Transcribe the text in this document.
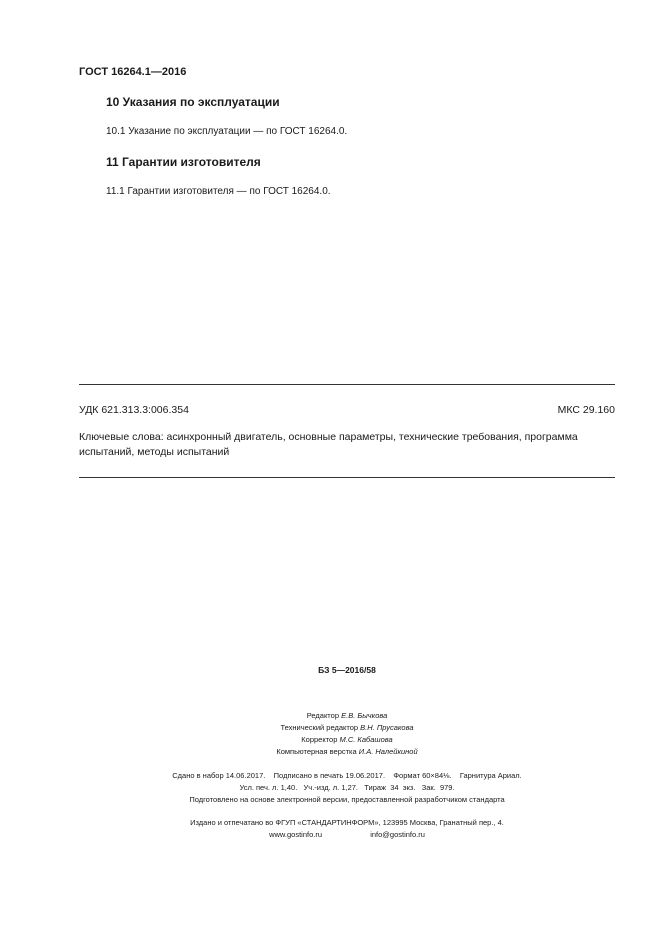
ГОСТ 16264.1—2016
10 Указания по эксплуатации
10.1 Указание по эксплуатации — по ГОСТ 16264.0.
11 Гарантии изготовителя
11.1 Гарантии изготовителя — по ГОСТ 16264.0.
УДК 621.313.3:006.354	МКС 29.160
Ключевые слова: асинхронный двигатель, основные параметры, технические требования, программа испытаний, методы испытаний
БЗ 5—2016/58
Редактор Е.В. Бычкова
Технический редактор В.Н. Прусакова
Корректор М.С. Кабашова
Компьютерная верстка И.А. Налейкиной
Сдано в набор 14.06.2017.    Подписано в печать 19.06.2017.    Формат 60×84⅛.    Гарнитура Ариал.
Усл. печ. л. 1,40.   Уч.-изд. л. 1,27.   Тираж  34  экз.   Зак.  979.
Подготовлено на основе электронной версии, предоставленной разработчиком стандарта
Издано и отпечатано во ФГУП «СТАНДАРТИНФОРМ», 123995 Москва, Гранатный пер., 4.
www.gostinfo.ru	info@gostinfo.ru
